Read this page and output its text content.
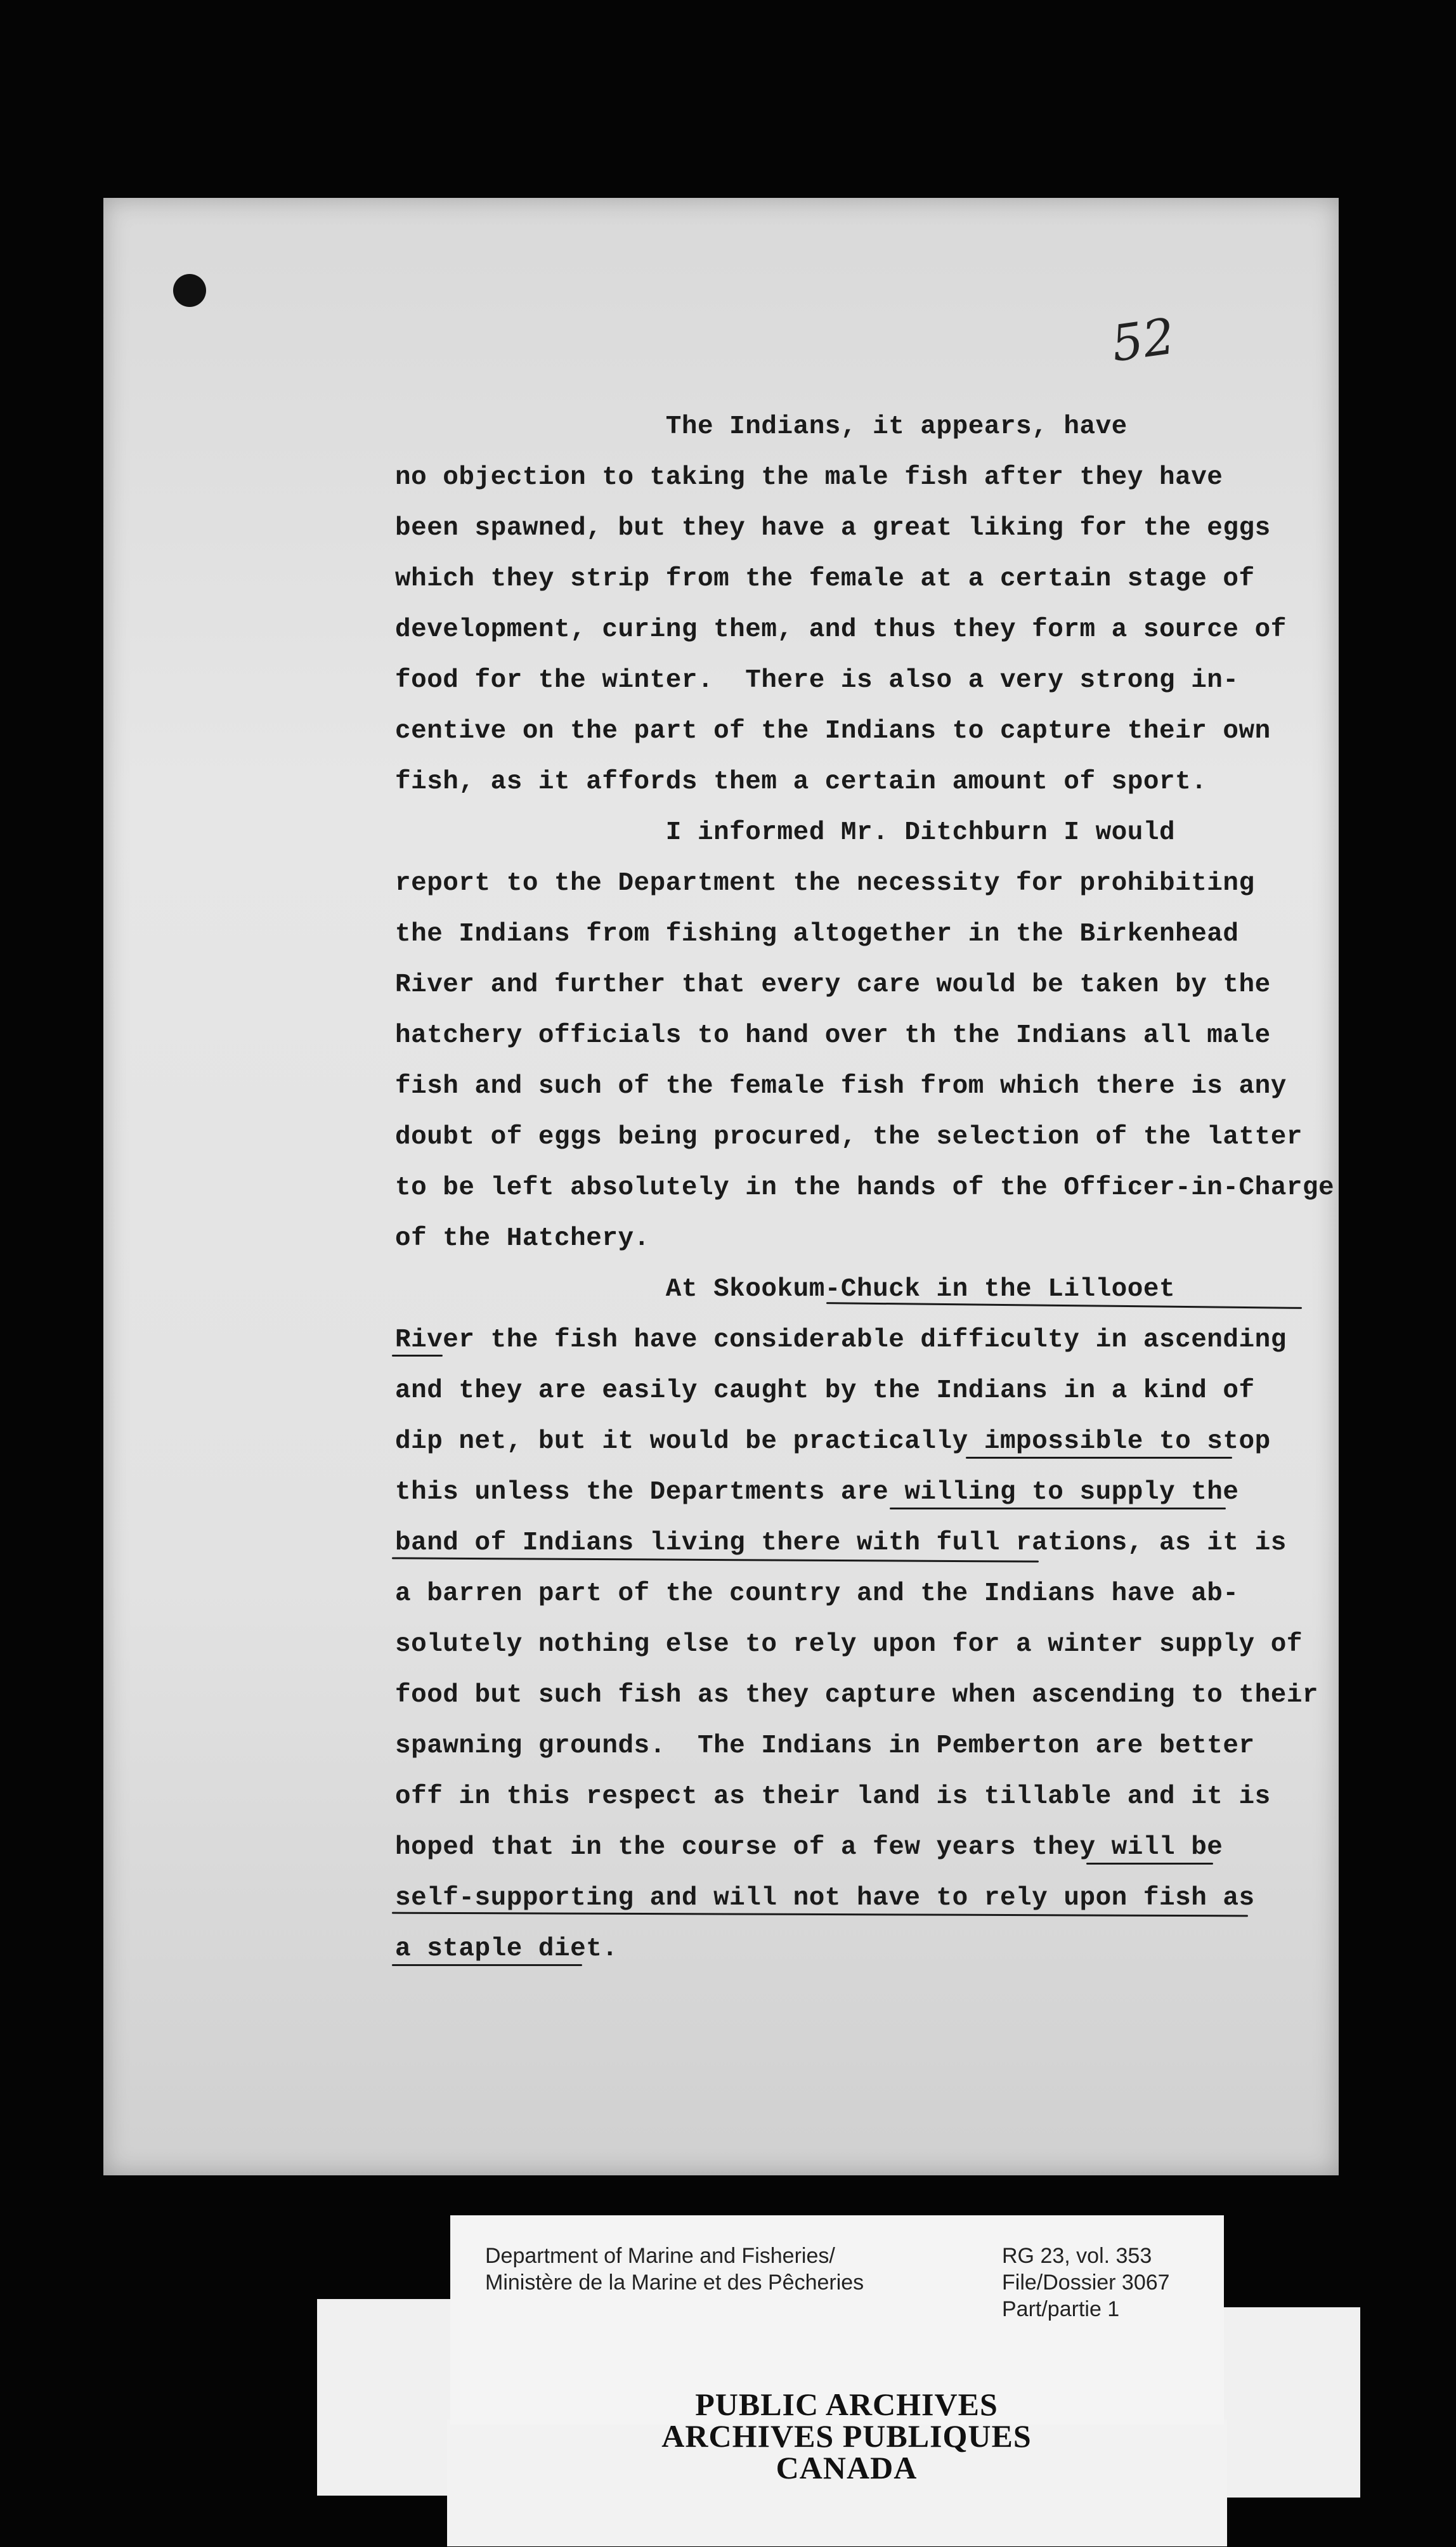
52
The Indians, it appears, have
no objection to taking the male fish after they have
been spawned, but they have a great liking for the eggs
which they strip from the female at a certain stage of
development, curing them, and thus they form a source of
food for the winter.  There is also a very strong in-
centive on the part of the Indians to capture their own
fish, as it affords them a certain amount of sport.
I informed Mr. Ditchburn I would
report to the Department the necessity for prohibiting
the Indians from fishing altogether in the Birkenhead
River and further that every care would be taken by the
hatchery officials to hand over th the Indians all male
fish and such of the female fish from which there is any
doubt of eggs being procured, the selection of the latter
to be left absolutely in the hands of the Officer-in-Charge
of the Hatchery.
At Skookum-Chuck in the Lillooet
River the fish have considerable difficulty in ascending
and they are easily caught by the Indians in a kind of
dip net, but it would be practically impossible to stop
this unless the Departments are willing to supply the
band of Indians living there with full rations, as it is
a barren part of the country and the Indians have ab-
solutely nothing else to rely upon for a winter supply of
food but such fish as they capture when ascending to their
spawning grounds.  The Indians in Pemberton are better
off in this respect as their land is tillable and it is
hoped that in the course of a few years they will be
self-supporting and will not have to rely upon fish as
a staple diet.
Department of Marine and Fisheries/
Ministère de la Marine et des Pêcheries
RG 23, vol. 353
File/Dossier 3067
Part/partie 1
PUBLIC ARCHIVES
ARCHIVES PUBLIQUES
CANADA
